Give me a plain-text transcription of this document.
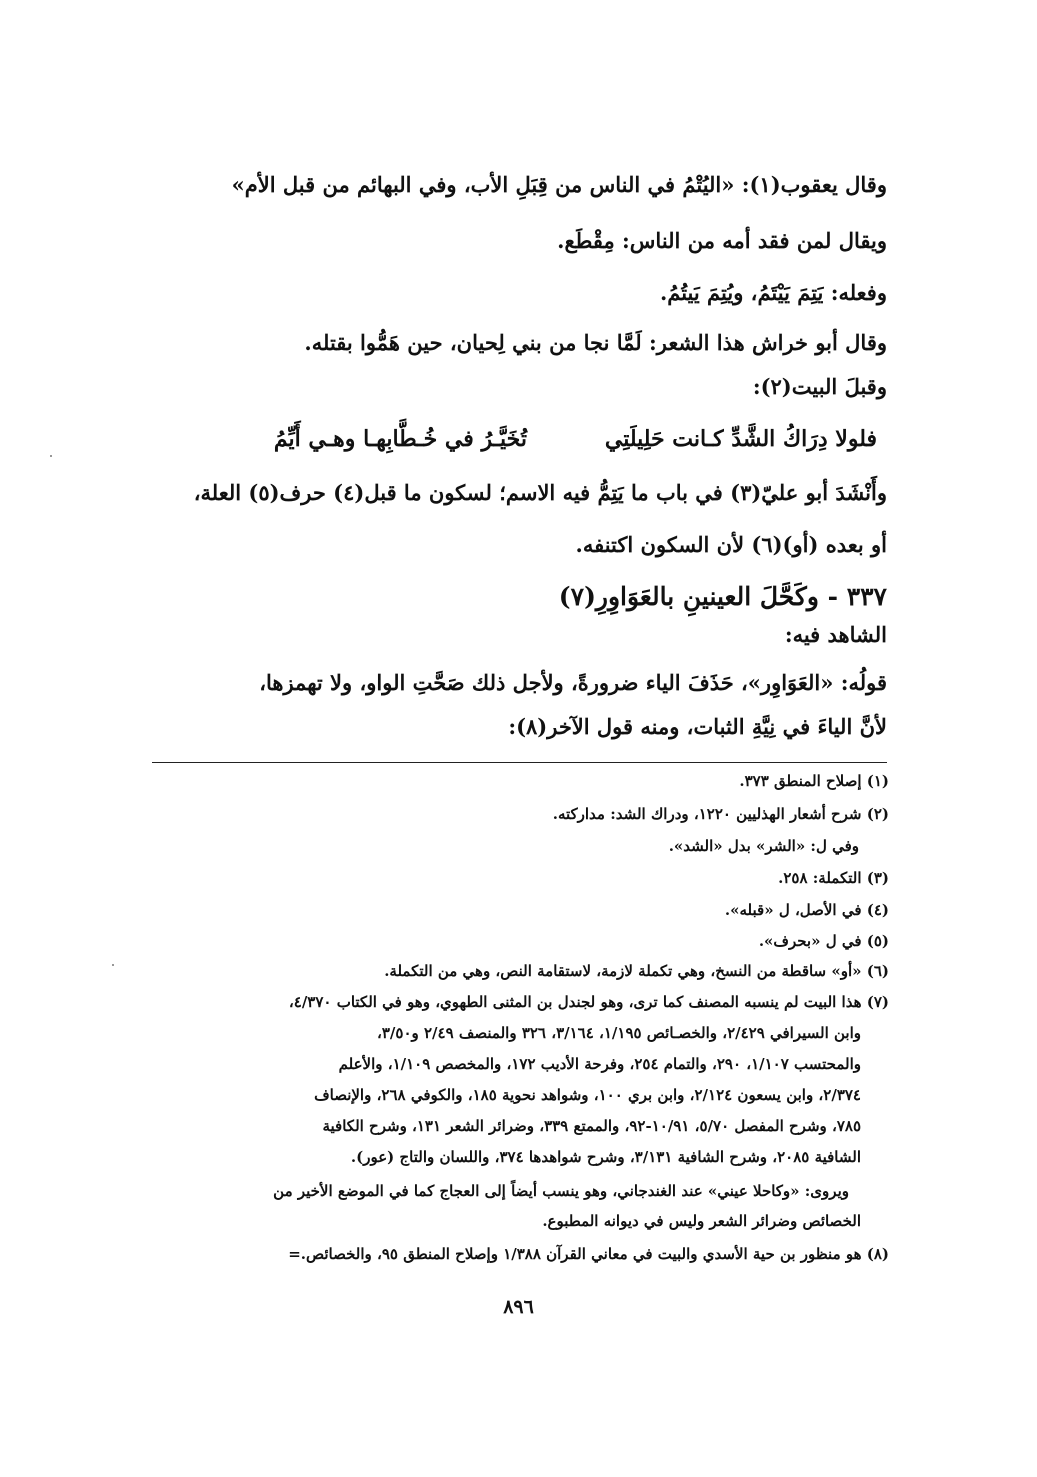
وقال يعقوب(١): «اليُتْمُ في الناس من قِبَلِ الأب، وفي البهائم من قبل الأم»
ويقال لمن فقد أمه من الناس: مِقْطَع.
وفعله: يَتِمَ يَيْتَمُ، ويُتِمَ يَيتُمُ.
وقال أبو خراش هذا الشعر: لَمَّا نجا من بني لِحيان، حين هَمُّوا بقتله.
وقبلَ البيت(٢):
فلولا دِرَاكُ الشَّدِّ كـانت حَلِيلَتِي
تُخَيَّـرُ في خُـطَّابِهـا وهـي أَيِّمُ
وأَنْشَدَ أبو عليّ(٣) في باب ما يَتِمُّ فيه الاسم؛ لسكون ما قبل(٤) حرف(٥) العلة،
أو بعده (أو)(٦) لأن السكون اكتنفه.
٣٣٧ - وكَحَّلَ العينينِ بالعَوَاوِرِ(٧)
الشاهد فيه:
قولُه: «العَوَاوِر»، حَذَفَ الياء ضرورةً، ولأجل ذلك صَحَّتِ الواو، ولا تهمزها،
لأنَّ الياءَ في نِيَّةِ الثبات، ومنه قول الآخر(٨):
(١) إصلاح المنطق ٣٧٣.
(٢) شرح أشعار الهذليين ١٢٢٠، ودراك الشد: مداركته.
وفي ل: «الشر» بدل «الشد».
(٣) التكملة: ٢٥٨.
(٤) في الأصل، ل «قبله».
(٥) في ل «بحرف».
(٦) «أو» ساقطة من النسخ، وهي تكملة لازمة، لاستقامة النص، وهي من التكملة.
(٧) هذا البيت لم ينسبه المصنف كما ترى، وهو لجندل بن المثنى الطهوي، وهو في الكتاب ٤/٣٧٠،
وابن السيرافي ٢/٤٢٩، والخصـائص ١/١٩٥، ٣/١٦٤، ٣٢٦ والمنصف ٢/٤٩ و٣/٥٠،
والمحتسب ١/١٠٧، ٢٩٠، والتمام ٢٥٤، وفرحة الأديب ١٧٢، والمخصص ١/١٠٩، والأعلم
٢/٣٧٤، وابن يسعون ٢/١٢٤، وابن بري ١٠٠، وشواهد نحوية ١٨٥، والكوفي ٢٦٨، والإنصاف
٧٨٥، وشرح المفصل ٥/٧٠، ١٠/٩١-٩٢، والممتع ٣٣٩، وضرائر الشعر ١٣١، وشرح الكافية
الشافية ٢٠٨٥، وشرح الشافية ٣/١٣١، وشرح شواهدها ٣٧٤، واللسان والتاج (عور).
ويروى: «وكاحلا عيني» عند الغندجاني، وهو ينسب أيضاً إلى العجاج كما في الموضع الأخير من
الخصائص وضرائر الشعر وليس في ديوانه المطبوع.
(٨) هو منظور بن حية الأسدي والبيت في معاني القرآن ١/٣٨٨ وإصلاح المنطق ٩٥، والخصائص.=
٨٩٦
